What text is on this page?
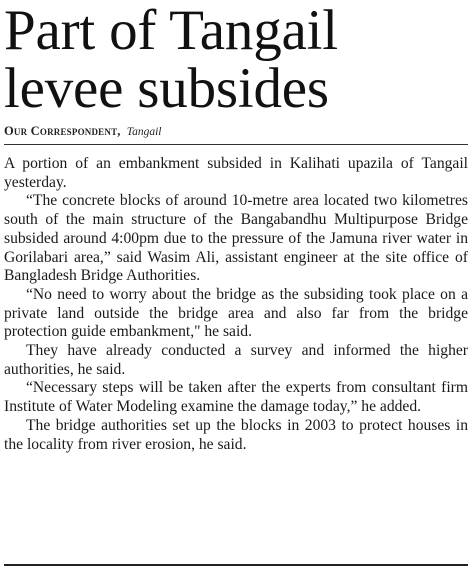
Part of Tangail
levee subsides
Our Correspondent, Tangail

A portion of an embankment subsided in Kalihati upazila of Tangail yesterday.

“The concrete blocks of around 10-metre area located two kilometres south of the main structure of the Bangabandhu Multipurpose Bridge subsided around 4:00pm due to the pressure of the Jamuna river water in Gorilabari area,” said Wasim Ali, assistant engineer at the site office of Bangladesh Bridge Authorities.

“No need to worry about the bridge as the subsiding took place on a private land outside the bridge area and also far from the bridge protection guide embankment," he said.

They have already conducted a survey and informed the higher authorities, he said.

“Necessary steps will be taken after the experts from consultant firm Institute of Water Modeling examine the damage today,” he added.

The bridge authorities set up the blocks in 2003 to protect houses in the locality from river erosion, he said.
